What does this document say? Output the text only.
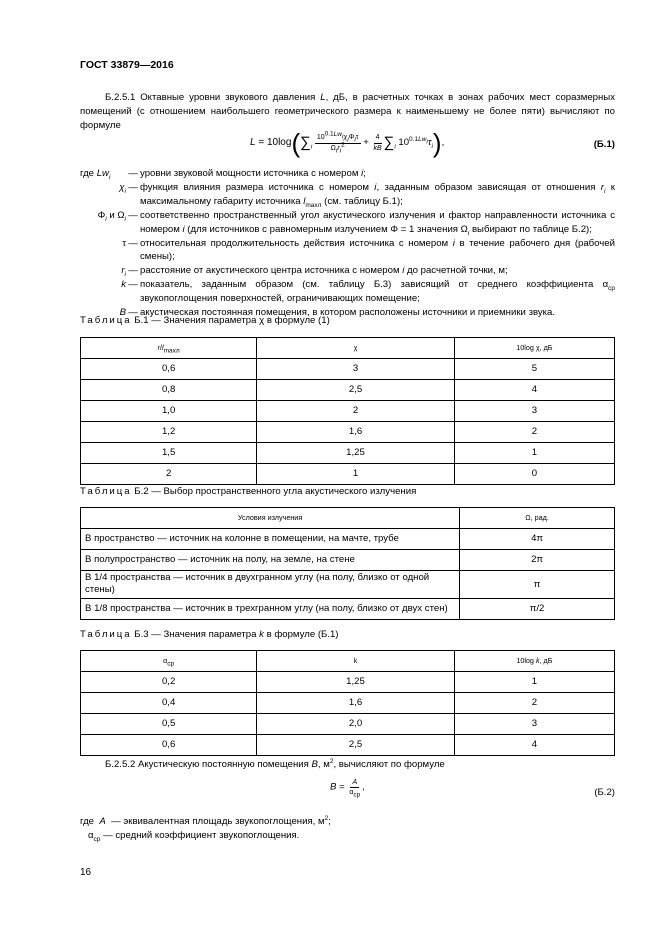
ГОСТ 33879—2016
Б.2.5.1 Октавные уровни звукового давления L, дБ, в расчетных точках в зонах рабочих мест соразмерных помещений (с отношением наибольшего геометрического размера к наименьшему не более пяти) вычисляют по формуле
$L = 10\log(\sum_i \frac{10^{0.1Lw_i}\chi_i\Phi_i\tau}{\Omega_ir_i^2} + \frac{4}{kB} \sum_i$ $10^{0.1Lw_i}\tau_i$),	(Б.1)
где $Lw_i$	— уровни звуковой мощности источника с номером i;
$\chi_i$ — функция влияния размера источника с номером i, заданным образом зависящая от отношения $r_i$ к максимальному габариту источника $l_{maxл}$ (см. таблицу Б.1);
$\Phi_i$ и $\Omega_i$ — соответственно пространственный угол акустического излучения и фактор направленности источника с номером i (для источников с равномерным излучением Φ = 1 значения $\Omega_i$ выбирают по таблице Б.2);
τ — относительная продолжительность действия источника с номером i в течение рабочего дня (рабочей смены);
$r_i$ — расстояние от акустического центра источника с номером i до расчетной точки, м;
k — показатель, заданным образом (см. таблицу Б.3) зависящий от среднего коэффициента $\alpha_{ср}$ звукопоглощения поверхностей, ограничивающих помещение;
B — акустическая постоянная помещения, в котором расположены источники и приемники звука.
Таблица Б.1 — Значения параметра χ в формуле (1)
$r/l_{maxл}$	χ	10log χ, дБ
0,6	3	5
0,8	2,5	4
1,0	2	3
1,2	1,6	2
1,5	1,25	1
2	1	0
Таблица Б.2 — Выбор пространственного угла акустического излучения
Условия излучения	Ω, рад.
В пространство — источник на колонне в помещении, на мачте, трубе	4π
В полупространство — источник на полу, на земле, на стене	2π
В 1/4 пространства — источник в двухгранном углу (на полу, близко от одной стены)	π
В 1/8 пространства — источник в трехгранном углу (на полу, близко от двух стен)	π/2
Таблица Б.3 — Значения параметра k в формуле (Б.1)
$\alpha_{ср}$	k	10log k, дБ
0,2	1,25	1
0,4	1,6	2
0,5	2,0	3
0,6	2,5	4
Б.2.5.2 Акустическую постоянную помещения B, $м^2$, вычисляют по формуле
$B = \frac{A}{\alpha_{ср}}$ ,	(Б.2)
где A  — эквивалентная площадь звукопоглощения, $м^2$;
$\alpha_{ср}$ — средний коэффициент звукопоглощения.
16
